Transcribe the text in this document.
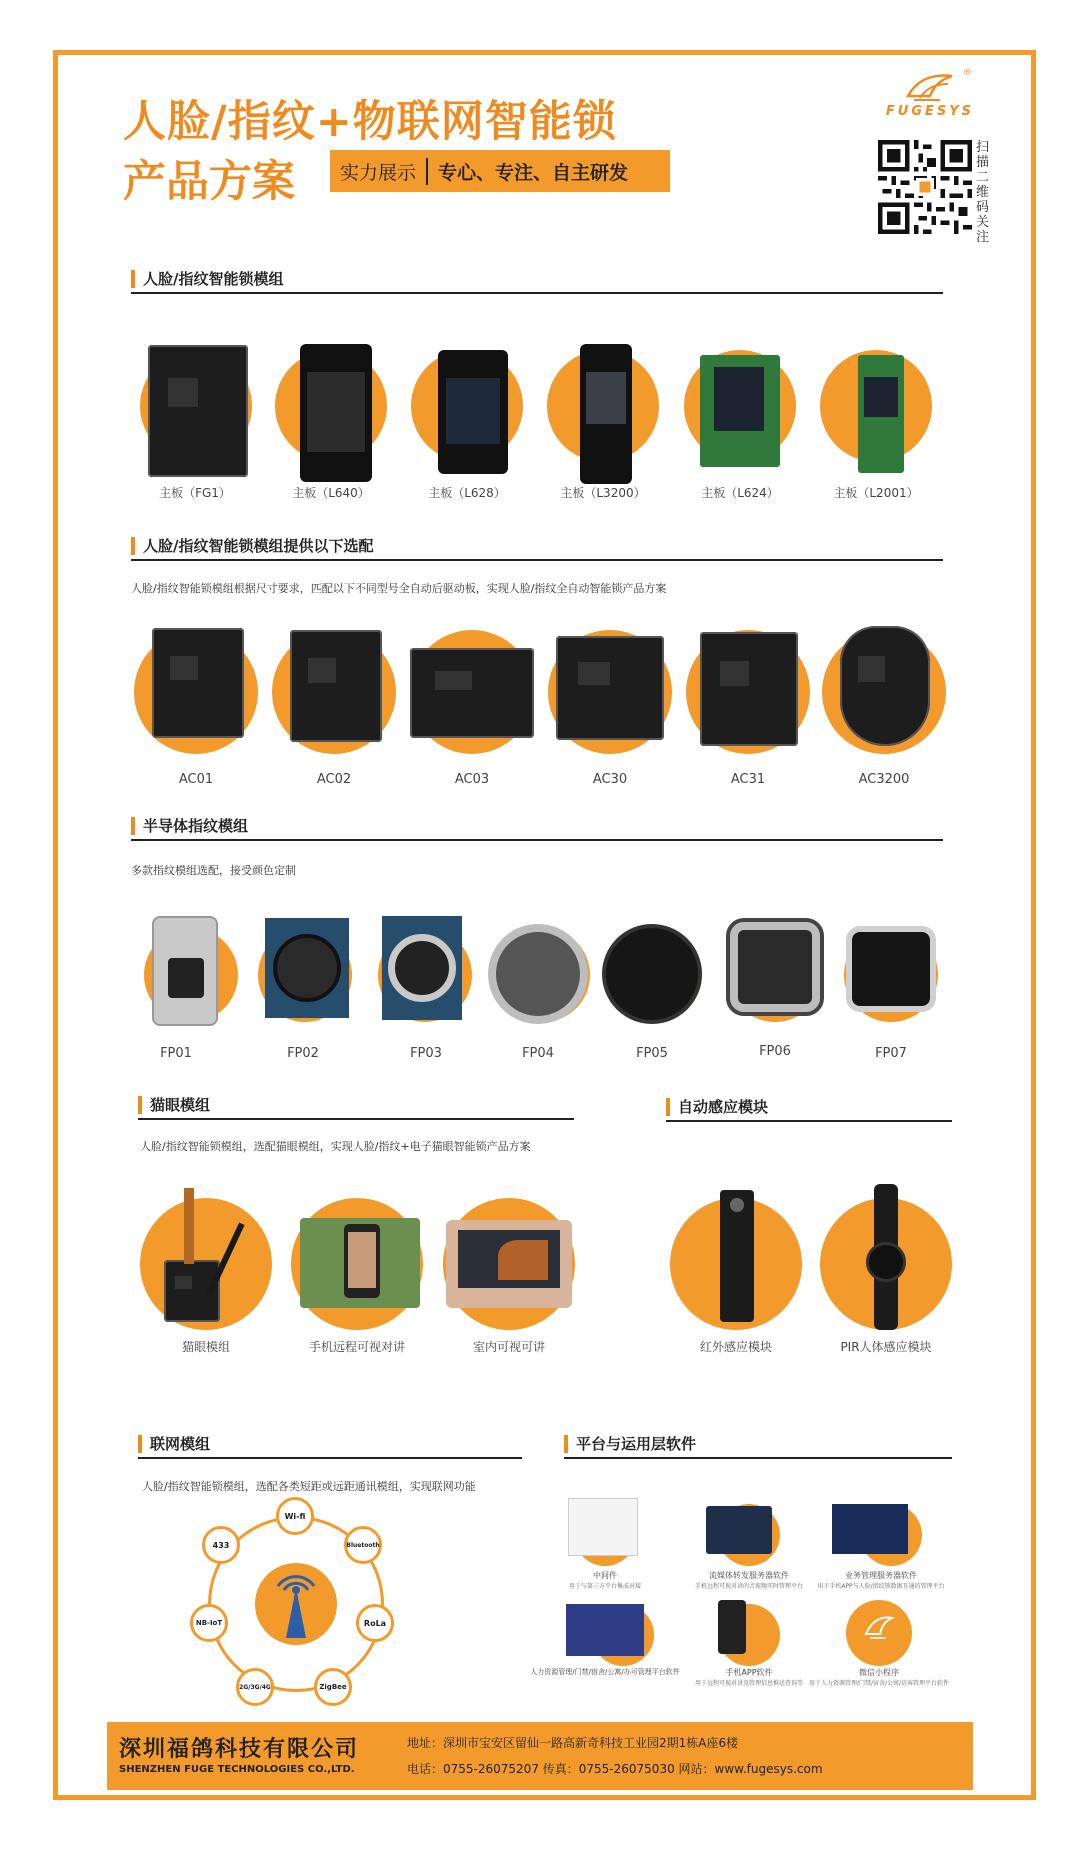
人脸/指纹+物联网智能锁
产品方案	实力展示	专心、专注、自主研发
®
FUGESYS
扫描二维码关注
人脸/指纹智能锁模组
主板（FG1）	主板（L640）	主板（L628）	主板（L3200）	主板（L624）	主板（L2001）
人脸/指纹智能锁模组提供以下选配
人脸/指纹智能锁模组根据尺寸要求，匹配以下不同型号全自动后驱动板，实现人脸/指纹全自动智能锁产品方案
AC01	AC02	AC03	AC30	AC31	AC3200
半导体指纹模组
多款指纹模组选配，接受颜色定制
FP01	FP02	FP03	FP04	FP05	FP06	FP07
猫眼模组
人脸/指纹智能锁模组，选配猫眼模组，实现人脸/指纹+电子猫眼智能锁产品方案
猫眼模组	手机远程可视对讲	室内可视可讲
自动感应模块
红外感应模块	PIR人体感应模块
联网模组
人脸/指纹智能锁模组，选配各类短距或远距通讯模组，实现联网功能
Wi-fi
Bluetooth
RoLa
ZigBee
2G/3G/4G
NB-IoT
433
平台与运用层软件
中间件
用于与第三方平台集成对接
流媒体转发服务器软件
手机远程可视对讲的音视频实时管理平台
业务管理服务器软件
用于手机APP与人脸/指纹锁数据互通的管理平台
人力资源管理/门禁/宿舍/公寓/办可管理平台软件	手机APP软件
用于远程可视对讲及管理信息推送查询等
微信小程序
用于人力资源管理/门禁/宿舍/公寓/访客管理平台软件
深圳福鸽科技有限公司
SHENZHEN FUGE TECHNOLOGIES CO.,LTD.
地址：深圳市宝安区留仙一路高新奇科技工业园2期1栋A座6楼
电话：0755-26075207 传真：0755-26075030 网站：www.fugesys.com
